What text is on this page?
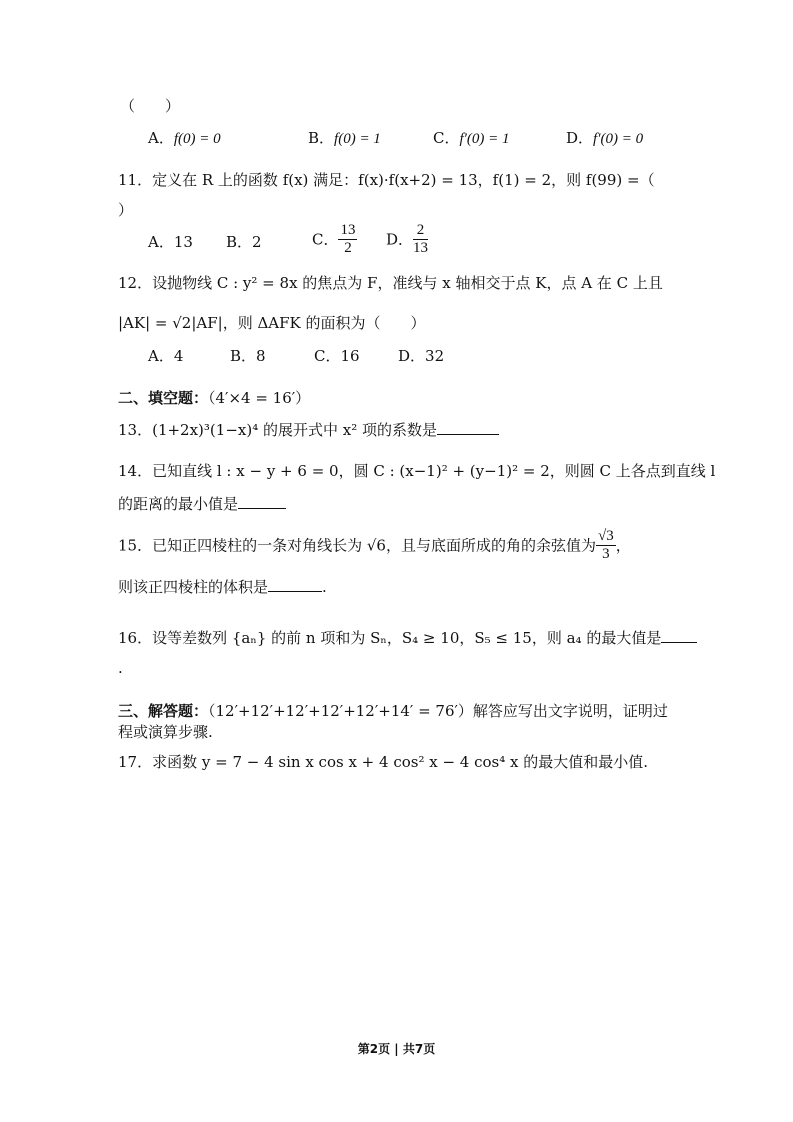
（　　）
A．f(0) = 0	B．f(0) = 1	C．f′(0) = 1	D．f′(0) = 0
11．定义在 R 上的函数 f(x) 满足：f(x)·f(x+2) = 13，f(1) = 2，则 f(99) =（
）
A．13 B．2	C． $\frac{13}{2}$ D． $\frac{2}{13}$
12．设抛物线 C : y² = 8x 的焦点为 F，准线与 x 轴相交于点 K，点 A 在 C 上且
|AK| = √2|AF|，则 ΔAFK 的面积为（　　）
A．4	B．8	C．16	D．32
二、填空题：（4′×4 = 16′）
13．(1+2x)³(1−x)⁴ 的展开式中 x² 项的系数是
14．已知直线 l : x − y + 6 = 0，圆 C : (x−1)² + (y−1)² = 2，则圆 C 上各点到直线 l
的距离的最小值是
15．已知正四棱柱的一条对角线长为 √6，且与底面所成的角的余弦值为 $\frac{√3}{3}$ ，
则该正四棱柱的体积是	.
16．设等差数列 {aₙ} 的前 n 项和为 Sₙ，S₄ ≥ 10，S₅ ≤ 15，则 a₄ 的最大值是
.
三、解答题：（12′+12′+12′+12′+12′+14′ = 76′）解答应写出文字说明，证明过
程或演算步骤.
17．求函数 y = 7 − 4 sin x cos x + 4 cos² x − 4 cos⁴ x 的最大值和最小值.
第2页 | 共7页
